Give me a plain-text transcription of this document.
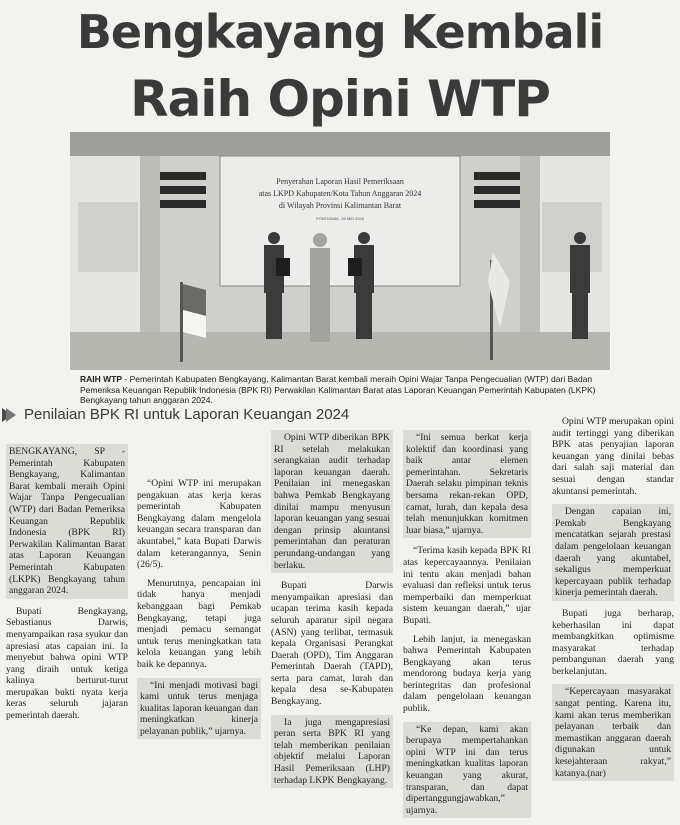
Bengkayang Kembali
Raih Opini WTP
Penyerahan Laporan Hasil Pemeriksaan
atas LKPD Kabupaten/Kota Tahun Anggaran 2024
di Wilayah Provinsi Kalimantan Barat
PONTIANAK, 26 MEI 2025
RAIH WTP - Pemerintah Kabupaten Bengkayang, Kalimantan Barat kembali meraih Opini Wajar Tanpa Pengecualian (WTP) dari Badan Pemeriksa Keuangan Republik Indonesia (BPK RI) Perwakilan Kalimantan Barat atas Laporan Keuangan Pemerintah Kabupaten (LKPK) Bengkayang tahun anggaran 2024.
Penilaian BPK RI untuk Laporan Keuangan 2024

BENGKAYANG, SP - Pemerintah Kabupaten Bengkayang, Kalimantan Barat kembali meraih Opini Wajar Tanpa Pengecualian (WTP) dari Badan Pemeriksa Keuangan Republik Indonesia (BPK RI) Perwakilan Kalimantan Barat atas Laporan Keuangan Pemerintah Kabupaten (LKPK) Bengkayang tahun anggaran 2024.

Bupati Bengkayang, Sebastianus Darwis, menyampaikan rasa syukur dan apresiasi atas capaian ini. Ia menyebut bahwa opini WTP yang diraih untuk ketiga kalinya berturut-turut merupakan bukti nyata kerja keras seluruh jajaran pemerintah daerah.

“Opini WTP ini merupakan pengakuan atas kerja keras pemerintah Kabupaten Bengkayang dalam mengelola keuangan secara transparan dan akuntabel,” kata Bupati Darwis dalam keterangannya, Senin (26/5).

Menurutnya, pencapaian ini tidak hanya menjadi kebanggaan bagi Pemkab Bengkayang, tetapi juga menjadi pemacu semangat untuk terus meningkatkan tata kelola keuangan yang lebih baik ke depannya.

“Ini menjadi motivasi bagi kami untuk terus menjaga kualitas laporan keuangan dan meningkatkan kinerja pelayanan publik,” ujarnya.

Opini WTP diberikan BPK RI setelah melakukan serangkaian audit terhadap laporan keuangan daerah. Penilaian ini menegaskan bahwa Pemkab Bengkayang dinilai mampu menyusun laporan keuangan yang sesuai dengan prinsip akuntansi pemerintahan dan peraturan perundang-undangan yang berlaku.

Bupati Darwis menyampaikan apresiasi dan ucapan terima kasih kepada seluruh aparatur sipil negara (ASN) yang terlibat, termasuk kepala Organisasi Perangkat Daerah (OPD), Tim Anggaran Pemerintah Daerah (TAPD), serta para camat, lurah dan kepala desa se-Kabupaten Bengkayang.

Ia juga mengapresiasi peran serta BPK RI yang telah memberikan penilaian objektif melalui Laporan Hasil Pemeriksaan (LHP) terhadap LKPK Bengkayang.

“Ini semua berkat kerja kolektif dan koordinasi yang baik antar elemen pemerintahan. Sekretaris Daerah selaku pimpinan teknis bersama rekan-rekan OPD, camat, lurah, dan kepala desa telah menunjukkan komitmen luar biasa,” ujarnya.

“Terima kasih kepada BPK RI atas kepercayaannya. Penilaian ini tentu akan menjadi bahan evaluasi dan refleksi untuk terus memperbaiki dan memperkuat sistem keuangan daerah,” ujar Bupati.

Lebih lanjut, ia menegaskan bahwa Pemerintah Kabupaten Bengkayang akan terus mendorong budaya kerja yang berintegritas dan profesional dalam pengelolaan keuangan publik.

“Ke depan, kami akan berupaya mempertahankan opini WTP ini dan terus meningkatkan kualitas laporan keuangan yang akurat, transparan, dan dapat dipertanggungjawabkan,” ujarnya.

Opini WTP merupakan opini audit tertinggi yang diberikan BPK atas penyajian laporan keuangan yang dinilai bebas dari salah saji material dan sesuai dengan standar akuntansi pemerintah.

Dengan capaian ini, Pemkab Bengkayang mencatatkan sejarah prestasi dalam pengelolaan keuangan daerah yang akuntabel, sekaligus memperkuat kepercayaan publik terhadap kinerja pemerintah daerah.

Bupati juga berharap, keberhasilan ini dapat membangkitkan optimisme masyarakat terhadap pembangunan daerah yang berkelanjutan.

“Kepercayaan masyarakat sangat penting. Karena itu, kami akan terus memberikan pelayanan terbaik dan memastikan anggaran daerah digunakan untuk kesejahteraan rakyat,” katanya.(nar)
